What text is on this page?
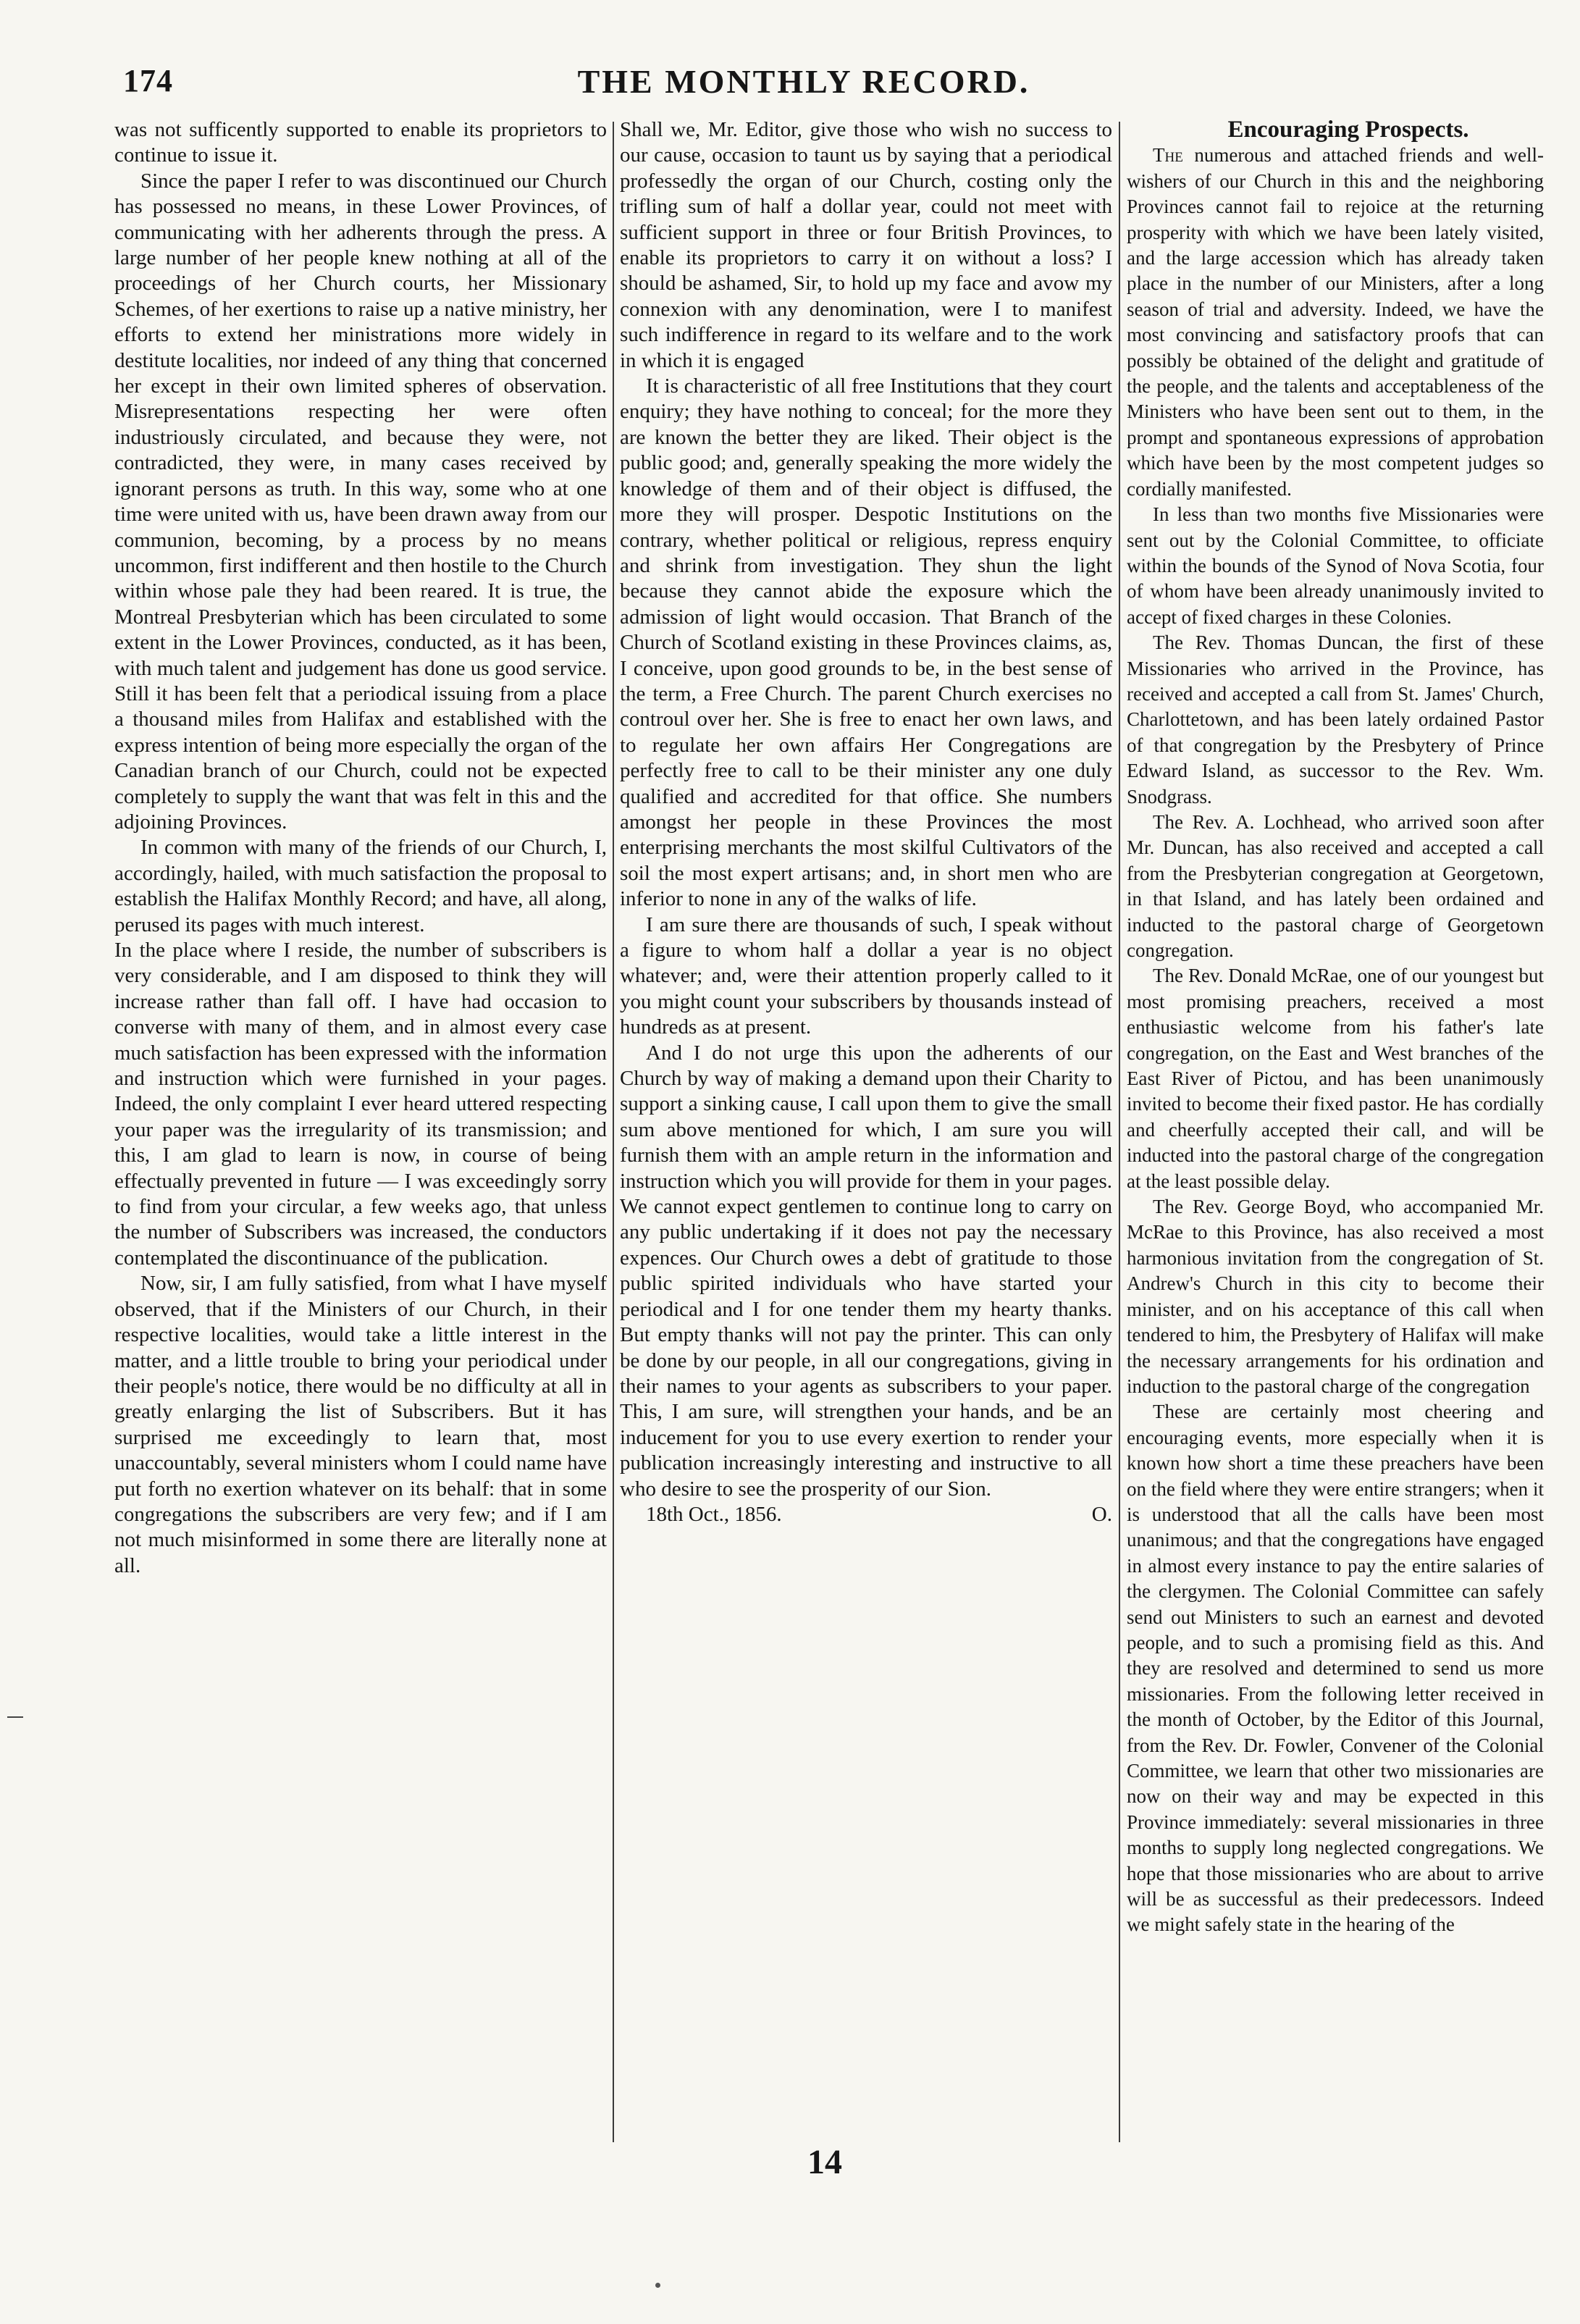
174	THE MONTHLY RECORD.

was not sufficently supported to enable its proprietors to continue to issue it.

Since the paper I refer to was discontinued our Church has possessed no means, in these Lower Provinces, of communicating with her adherents through the press. A large number of her people knew nothing at all of the proceedings of her Church courts, her Missionary Schemes, of her exertions to raise up a native ministry, her efforts to extend her ministrations more widely in destitute localities, nor indeed of any thing that concerned her except in their own limited spheres of observation. Misrepresentations respecting her were often industriously circulated, and because they were, not contradicted, they were, in many cases received by ignorant persons as truth. In this way, some who at one time were united with us, have been drawn away from our communion, becoming, by a process by no means uncommon, first indifferent and then hostile to the Church within whose pale they had been reared. It is true, the Montreal Presbyterian which has been circulated to some extent in the Lower Provinces, conducted, as it has been, with much talent and judgement has done us good service. Still it has been felt that a periodical issuing from a place a thousand miles from Halifax and established with the express intention of being more especially the organ of the Canadian branch of our Church, could not be expected completely to supply the want that was felt in this and the adjoining Provinces.

In common with many of the friends of our Church, I, accordingly, hailed, with much satisfaction the proposal to establish the Halifax Monthly Record; and have, all along, perused its pages with much interest.

In the place where I reside, the number of subscribers is very considerable, and I am disposed to think they will increase rather than fall off. I have had occasion to converse with many of them, and in almost every case much satisfaction has been expressed with the information and instruction which were furnished in your pages. Indeed, the only complaint I ever heard uttered respecting your paper was the irregularity of its transmission; and this, I am glad to learn is now, in course of being effectually prevented in future — I was exceedingly sorry to find from your circular, a few weeks ago, that unless the number of Subscribers was increased, the conductors contemplated the discontinuance of the publication.

Now, sir, I am fully satisfied, from what I have myself observed, that if the Ministers of our Church, in their respective localities, would take a little interest in the matter, and a little trouble to bring your periodical under their people's notice, there would be no difficulty at all in greatly enlarging the list of Subscribers. But it has surprised me exceedingly to learn that, most unaccountably, several ministers whom I could name have put forth no exertion whatever on its behalf: that in some congregations the subscribers are very few; and if I am not much misinformed in some there are literally none at all.

Shall we, Mr. Editor, give those who wish no success to our cause, occasion to taunt us by saying that a periodical professedly the organ of our Church, costing only the trifling sum of half a dollar year, could not meet with sufficient support in three or four British Provinces, to enable its proprietors to carry it on without a loss? I should be ashamed, Sir, to hold up my face and avow my connexion with any denomination, were I to manifest such indifference in regard to its welfare and to the work in which it is engaged

It is characteristic of all free Institutions that they court enquiry; they have nothing to conceal; for the more they are known the better they are liked. Their object is the public good; and, generally speaking the more widely the knowledge of them and of their object is diffused, the more they will prosper. Despotic Institutions on the contrary, whether political or religious, repress enquiry and shrink from investigation. They shun the light because they cannot abide the exposure which the admission of light would occasion. That Branch of the Church of Scotland existing in these Provinces claims, as, I conceive, upon good grounds to be, in the best sense of the term, a Free Church. The parent Church exercises no controul over her. She is free to enact her own laws, and to regulate her own affairs Her Congregations are perfectly free to call to be their minister any one duly qualified and accredited for that office. She numbers amongst her people in these Provinces the most enterprising merchants the most skilful Cultivators of the soil the most expert artisans; and, in short men who are inferior to none in any of the walks of life.

I am sure there are thousands of such, I speak without a figure to whom half a dollar a year is no object whatever; and, were their attention properly called to it you might count your subscribers by thousands instead of hundreds as at present.

And I do not urge this upon the adherents of our Church by way of making a demand upon their Charity to support a sinking cause, I call upon them to give the small sum above mentioned for which, I am sure you will furnish them with an ample return in the information and instruction which you will provide for them in your pages. We cannot expect gentlemen to continue long to carry on any public undertaking if it does not pay the necessary expences. Our Church owes a debt of gratitude to those public spirited individuals who have started your periodical and I for one tender them my hearty thanks. But empty thanks will not pay the printer. This can only be done by our people, in all our congregations, giving in their names to your agents as subscribers to your paper. This, I am sure, will strengthen your hands, and be an inducement for you to use every exertion to render your publication increasingly interesting and instructive to all who desire to see the prosperity of our Sion.

18th Oct., 1856.	O.

Encouraging Prospects.

The numerous and attached friends and well-wishers of our Church in this and the neighboring Provinces cannot fail to rejoice at the returning prosperity with which we have been lately visited, and the large accession which has already taken place in the number of our Ministers, after a long season of trial and adversity. Indeed, we have the most convincing and satisfactory proofs that can possibly be obtained of the delight and gratitude of the people, and the talents and acceptableness of the Ministers who have been sent out to them, in the prompt and spontaneous expressions of approbation which have been by the most competent judges so cordially manifested.

In less than two months five Missionaries were sent out by the Colonial Committee, to officiate within the bounds of the Synod of Nova Scotia, four of whom have been already unanimously invited to accept of fixed charges in these Colonies.

The Rev. Thomas Duncan, the first of these Missionaries who arrived in the Province, has received and accepted a call from St. James' Church, Charlottetown, and has been lately ordained Pastor of that congregation by the Presbytery of Prince Edward Island, as successor to the Rev. Wm. Snodgrass.

The Rev. A. Lochhead, who arrived soon after Mr. Duncan, has also received and accepted a call from the Presbyterian congregation at Georgetown, in that Island, and has lately been ordained and inducted to the pastoral charge of Georgetown congregation.

The Rev. Donald McRae, one of our youngest but most promising preachers, received a most enthusiastic welcome from his father's late congregation, on the East and West branches of the East River of Pictou, and has been unanimously invited to become their fixed pastor. He has cordially and cheerfully accepted their call, and will be inducted into the pastoral charge of the congregation at the least possible delay.

The Rev. George Boyd, who accompanied Mr. McRae to this Province, has also received a most harmonious invitation from the congregation of St. Andrew's Church in this city to become their minister, and on his acceptance of this call when tendered to him, the Presbytery of Halifax will make the necessary arrangements for his ordination and induction to the pastoral charge of the congregation

These are certainly most cheering and encouraging events, more especially when it is known how short a time these preachers have been on the field where they were entire strangers; when it is understood that all the calls have been most unanimous; and that the congregations have engaged in almost every instance to pay the entire salaries of the clergymen. The Colonial Committee can safely send out Ministers to such an earnest and devoted people, and to such a promising field as this. And they are resolved and determined to send us more missionaries. From the following letter received in the month of October, by the Editor of this Journal, from the Rev. Dr. Fowler, Convener of the Colonial Committee, we learn that other two missionaries are now on their way and may be expected in this Province immediately: several missionaries in three months to supply long neglected congregations. We hope that those missionaries who are about to arrive will be as successful as their predecessors. Indeed we might safely state in the hearing of the

14
